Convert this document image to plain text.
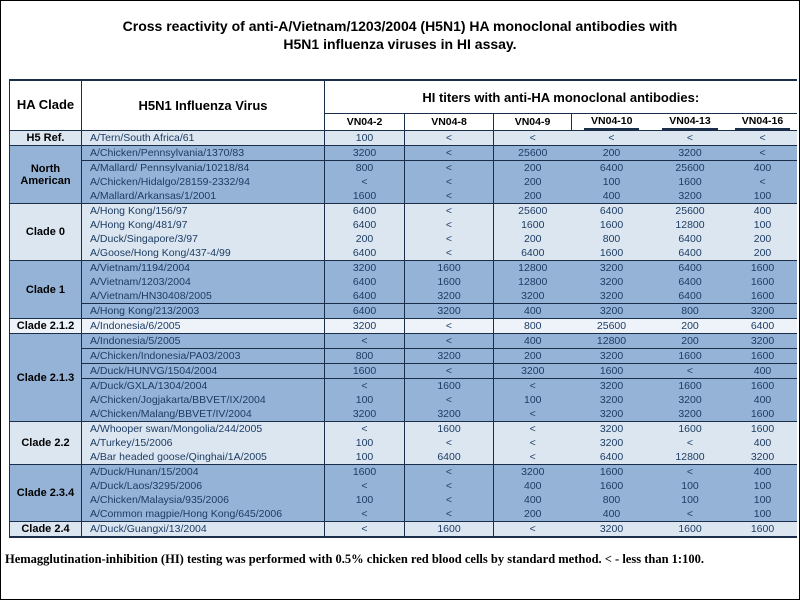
Cross reactivity of anti-A/Vietnam/1203/2004 (H5N1) HA monoclonal antibodies with
H5N1 influenza viruses in HI assay.
HA Clade	H5N1 Influenza Virus	HI titers with anti-HA monoclonal antibodies:					
		VN04-2	VN04-8	VN04-9	VN04-10	VN04-13	VN04-16
H5 Ref.	A/Tern/South Africa/61	100	<	<	<	<	<
North American	A/Chicken/Pennsylvania/1370/83	3200	<	25600	200	3200	<
	A/Mallard/ Pennsylvania/10218/84	800	<	200	6400	25600	400
	A/Chicken/Hidalgo/28159-2332/94	<	<	200	100	1600	<
	A/Mallard/Arkansas/1/2001	1600	<	200	400	3200	100
Clade 0	A/Hong Kong/156/97	6400	<	25600	6400	25600	400
	A/Hong Kong/481/97	6400	<	1600	1600	12800	100
	A/Duck/Singapore/3/97	200	<	200	800	6400	200
	A/Goose/Hong Kong/437-4/99	6400	<	6400	1600	6400	200
Clade 1	A/Vietnam/1194/2004	3200	1600	12800	3200	6400	1600
	A/Vietnam/1203/2004	6400	1600	12800	3200	6400	1600
	A/Vietnam/HN30408/2005	6400	3200	3200	3200	6400	1600
	A/Hong Kong/213/2003	6400	3200	400	3200	800	3200
Clade 2.1.2	A/Indonesia/6/2005	3200	<	800	25600	200	6400
Clade 2.1.3	A/Indonesia/5/2005	<	<	400	12800	200	3200
	A/Chicken/Indonesia/PA03/2003	800	3200	200	3200	1600	1600
	A/Duck/HUNVG/1504/2004	1600	<	3200	1600	<	400
	A/Duck/GXLA/1304/2004	<	1600	<	3200	1600	1600
	A/Chicken/Jogjakarta/BBVET/IX/2004	100	<	100	3200	3200	400
	A/Chicken/Malang/BBVET/IV/2004	3200	3200	<	3200	3200	1600
Clade 2.2	A/Whooper swan/Mongolia/244/2005	<	1600	<	3200	1600	1600
	A/Turkey/15/2006	100	<	<	3200	<	400
	A/Bar headed goose/Qinghai/1A/2005	100	6400	<	6400	12800	3200
Clade 2.3.4	A/Duck/Hunan/15/2004	1600	<	3200	1600	<	400
	A/Duck/Laos/3295/2006	<	<	400	1600	100	100
	A/Chicken/Malaysia/935/2006	100	<	400	800	100	100
	A/Common magpie/Hong Kong/645/2006	<	<	200	400	<	100
Clade 2.4	A/Duck/Guangxi/13/2004	<	1600	<	3200	1600	1600
Hemagglutination-inhibition (HI) testing was performed with 0.5% chicken red blood cells by standard method. < - less than 1:100.
